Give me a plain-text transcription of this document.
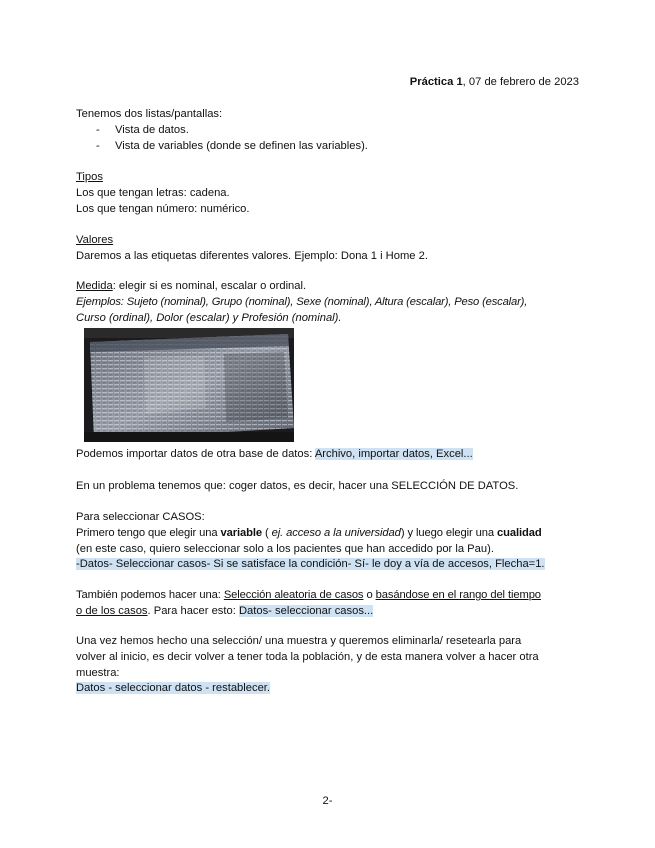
Práctica 1, 07 de febrero de 2023
Tenemos dos listas/pantallas:
- Vista de datos.
- Vista de variables (donde se definen las variables).
Tipos
Los que tengan letras: cadena.
Los que tengan número: numérico.
Valores
Daremos a las etiquetas diferentes valores. Ejemplo: Dona 1 i Home 2.
Medida: elegir si es nominal, escalar o ordinal.
Ejemplos: Sujeto (nominal), Grupo (nominal), Sexe (nominal), Altura (escalar), Peso (escalar),
Curso (ordinal), Dolor (escalar) y Profesión (nominal).
Podemos importar datos de otra base de datos: Archivo, importar datos, Excel...
En un problema tenemos que: coger datos, es decir, hacer una SELECCIÓN DE DATOS.
Para seleccionar CASOS:
Primero tengo que elegir una variable ( ej. acceso a la universidad) y luego elegir una cualidad
(en este caso, quiero seleccionar solo a los pacientes que han accedido por la Pau).
-Datos- Seleccionar casos- Si se satisface la condición- Sí- le doy a vía de accesos, Flecha=1.
También podemos hacer una: Selección aleatoria de casos o basándose en el rango del tiempo
o de los casos. Para hacer esto: Datos- seleccionar casos...
Una vez hemos hecho una selección/ una muestra y queremos eliminarla/ resetearla para
volver al inicio, es decir volver a tener toda la población, y de esta manera volver a hacer otra
muestra:
Datos - seleccionar datos - restablecer.
2-
